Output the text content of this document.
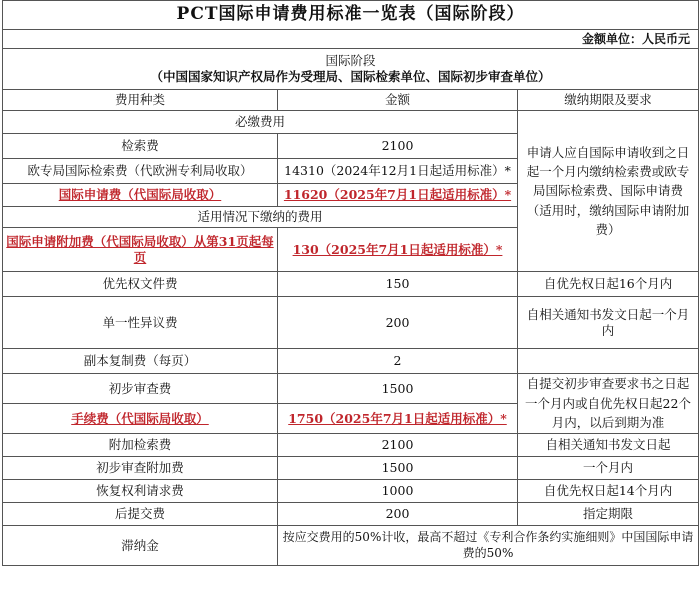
PCT国际申请费用标准一览表（国际阶段）		
金额单位：人民币元		

国际阶段
（中国国家知识产权局作为受理局、国际检索单位、国际初步审查单位）		

费用种类	金额	缴纳期限及要求
必缴费用		申请人应自国际申请收到之日起一个月内缴纳检索费或欧专局国际检索费、国际申请费（适用时，缴纳国际申请附加费）
检索费	2100	
欧专局国际检索费（代欧洲专利局收取）	14310（2024年12月1日起适用标准）*	
国际申请费（代国际局收取）	11620（2025年7月1日起适用标准）*	
适用情况下缴纳的费用		
国际申请附加费（代国际局收取）从第31页起每页	130（2025年7月1日起适用标准）*	
优先权文件费	150	自优先权日起16个月内
单一性异议费	200	自相关通知书发文日起一个月内
副本复制费（每页）	2	
初步审查费	1500	自提交初步审查要求书之日起一个月内或自优先权日起22个月内，以后到期为准
手续费（代国际局收取）	1750（2025年7月1日起适用标准）*	
附加检索费	2100	自相关通知书发文日起
初步审查附加费	1500	一个月内
恢复权利请求费	1000	自优先权日起14个月内
后提交费	200	指定期限
滞纳金	按应交费用的50%计收，最高不超过《专利合作条约实施细则》中国国际申请费的50%	
